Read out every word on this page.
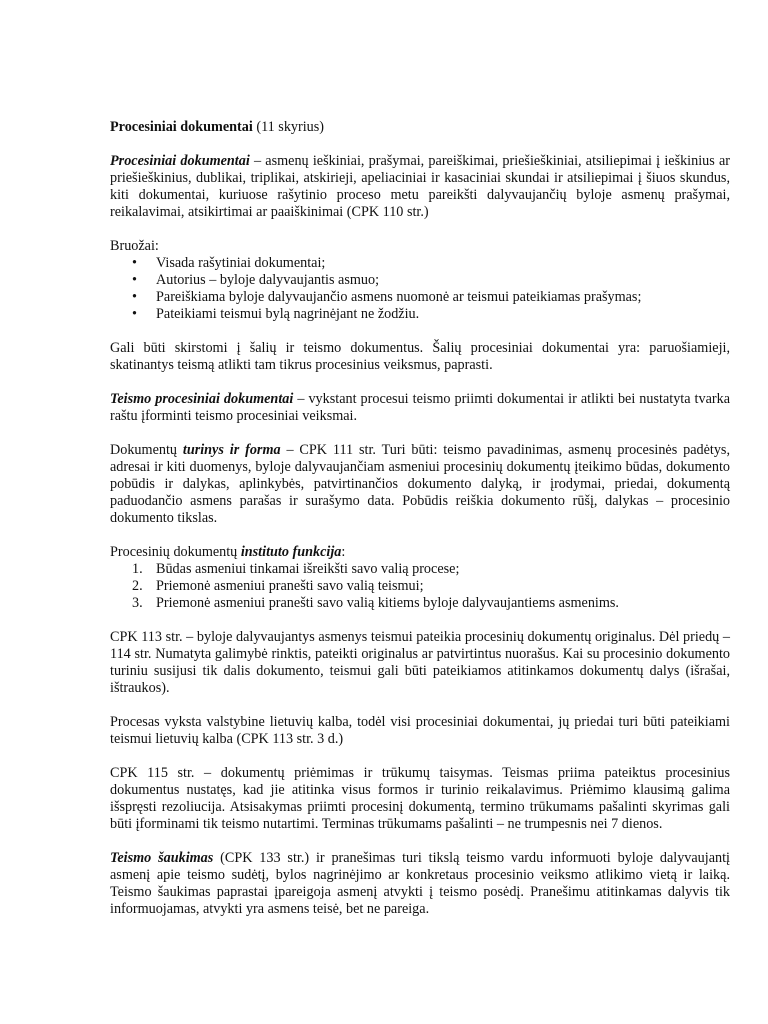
Procesiniai dokumentai (11 skyrius)

Procesiniai dokumentai – asmenų ieškiniai, prašymai, pareiškimai, priešieškiniai, atsiliepimai į ieškinius ar priešieškinius, dublikai, triplikai, atskirieji, apeliaciniai ir kasaciniai skundai ir atsiliepimai į šiuos skundus, kiti dokumentai, kuriuose rašytinio proceso metu pareikšti dalyvaujančių byloje asmenų prašymai, reikalavimai, atsikirtimai ar paaiškinimai (CPK 110 str.)

Bruožai:

• Visada rašytiniai dokumentai;
• Autorius – byloje dalyvaujantis asmuo;
• Pareiškiama byloje dalyvaujančio asmens nuomonė ar teismui pateikiamas prašymas;
• Pateikiami teismui bylą nagrinėjant ne žodžiu.

Gali būti skirstomi į šalių ir teismo dokumentus. Šalių procesiniai dokumentai yra: paruošiamieji, skatinantys teismą atlikti tam tikrus procesinius veiksmus, paprasti.

Teismo procesiniai dokumentai – vykstant procesui teismo priimti dokumentai ir atlikti bei nustatyta tvarka raštu įforminti teismo procesiniai veiksmai.

Dokumentų turinys ir forma – CPK 111 str. Turi būti: teismo pavadinimas, asmenų procesinės padėtys, adresai ir kiti duomenys, byloje dalyvaujančiam asmeniui procesinių dokumentų įteikimo būdas, dokumento pobūdis ir dalykas, aplinkybės, patvirtinančios dokumento dalyką, ir įrodymai, priedai, dokumentą paduodančio asmens parašas ir surašymo data. Pobūdis reiškia dokumento rūšį, dalykas – procesinio dokumento tikslas.

Procesinių dokumentų instituto funkcija:

1. Būdas asmeniui tinkamai išreikšti savo valią procese;
2. Priemonė asmeniui pranešti savo valią teismui;
3. Priemonė asmeniui pranešti savo valią kitiems byloje dalyvaujantiems asmenims.

CPK 113 str. – byloje dalyvaujantys asmenys teismui pateikia procesinių dokumentų originalus. Dėl priedų – 114 str. Numatyta galimybė rinktis, pateikti originalus ar patvirtintus nuorašus. Kai su procesinio dokumento turiniu susijusi tik dalis dokumento, teismui gali būti pateikiamos atitinkamos dokumentų dalys (išrašai, ištraukos).

Procesas vyksta valstybine lietuvių kalba, todėl visi procesiniai dokumentai, jų priedai turi būti pateikiami teismui lietuvių kalba (CPK 113 str. 3 d.)

CPK 115 str. – dokumentų priėmimas ir trūkumų taisymas. Teismas priima pateiktus procesinius dokumentus nustatęs, kad jie atitinka visus formos ir turinio reikalavimus. Priėmimo klausimą galima išspręsti rezoliucija. Atsisakymas priimti procesinį dokumentą, termino trūkumams pašalinti skyrimas gali būti įforminami tik teismo nutartimi. Terminas trūkumams pašalinti – ne trumpesnis nei 7 dienos.

Teismo šaukimas (CPK 133 str.) ir pranešimas turi tikslą teismo vardu informuoti byloje dalyvaujantį asmenį apie teismo sudėtį, bylos nagrinėjimo ar konkretaus procesinio veiksmo atlikimo vietą ir laiką. Teismo šaukimas paprastai įpareigoja asmenį atvykti į teismo posėdį. Pranešimu atitinkamas dalyvis tik informuojamas, atvykti yra asmens teisė, bet ne pareiga.
